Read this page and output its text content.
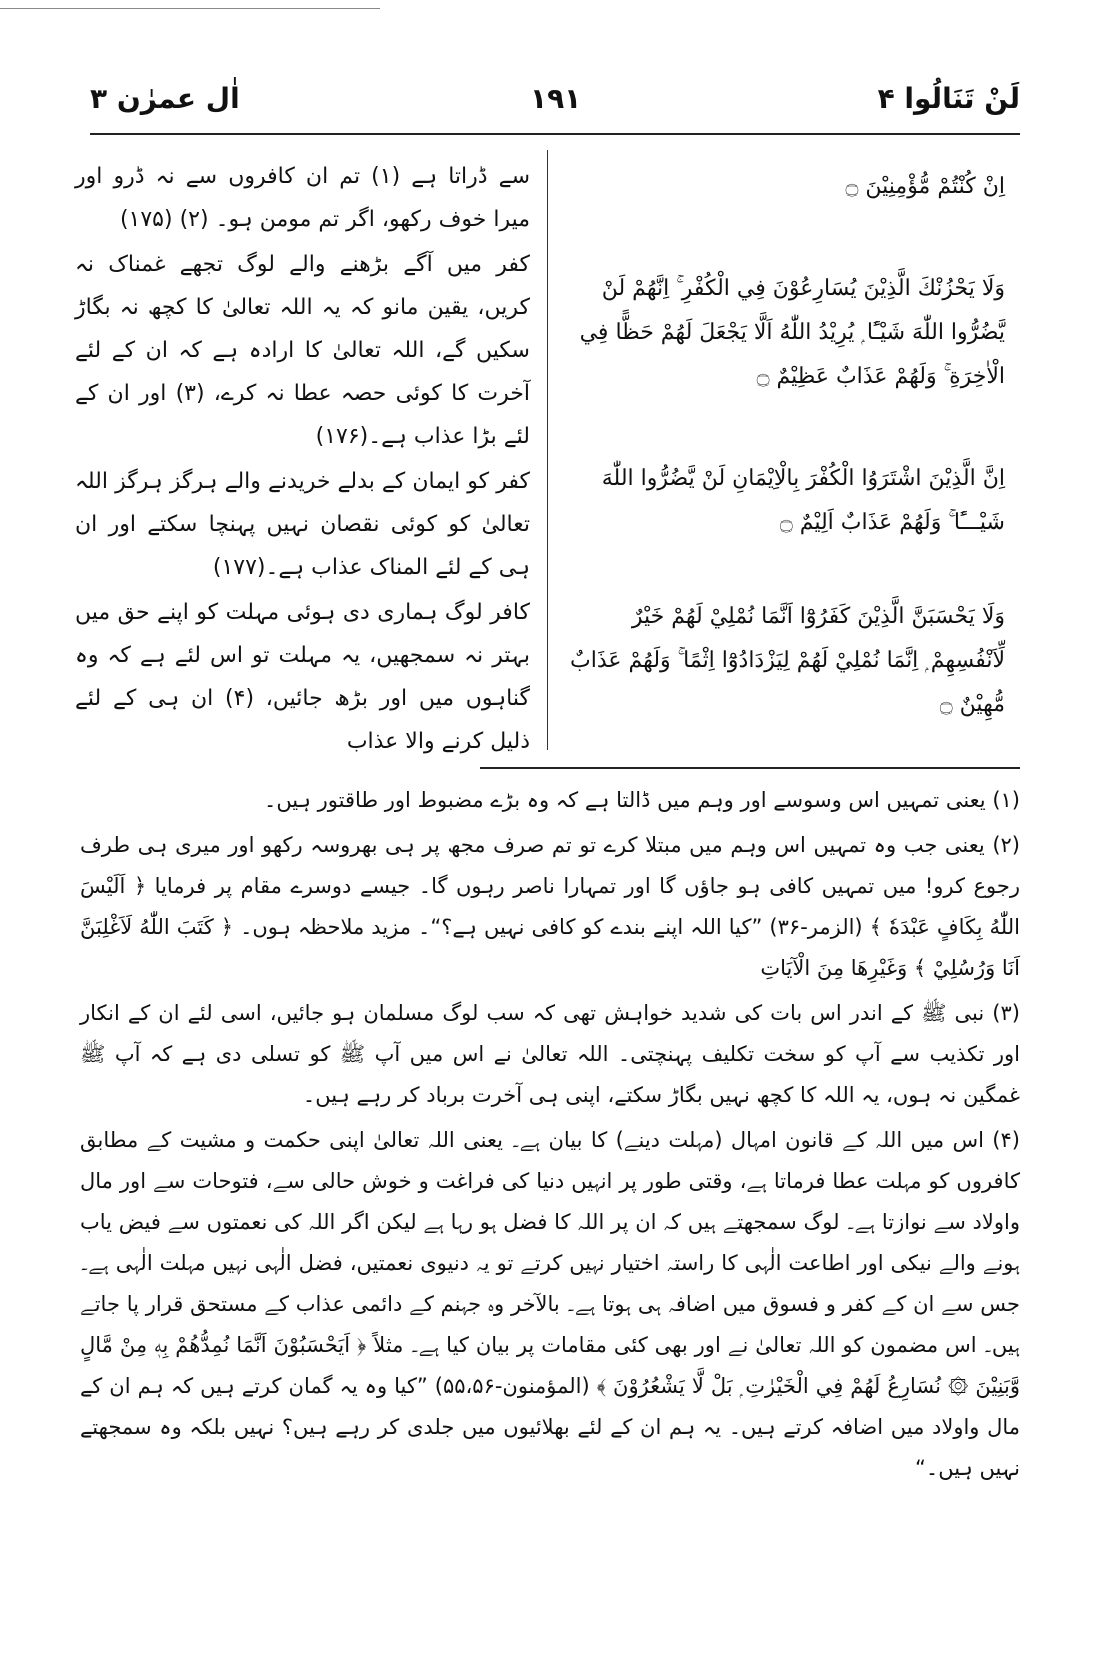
اٰل عمرٰن ۳	۱۹۱	لَنْ تَنَالُوا ۴

اِنْ كُنْتُمْ مُّؤْمِنِيْنَ ۝

وَلَا يَحْزُنْكَ الَّذِيْنَ يُسَارِعُوْنَ فِي الْكُفْرِ ۚ اِنَّهُمْ لَنْ يَّضُرُّوا اللّٰهَ شَيْـًٔا ۭ يُرِيْدُ اللّٰهُ اَلَّا يَجْعَلَ لَھُمْ حَظًّا فِي الْاٰخِرَةِ ۚ وَلَھُمْ عَذَابٌ عَظِيْمٌ ۝

اِنَّ الَّذِيْنَ اشْتَرَوُا الْكُفْرَ بِالْاِيْمَانِ لَنْ يَّضُرُّوا اللّٰهَ شَيْـــًٔا ۚ وَلَھُمْ عَذَابٌ اَلِيْمٌ ۝

وَلَا يَحْسَبَنَّ الَّذِيْنَ كَفَرُوْٓا اَنَّمَا نُمْلِيْ لَھُمْ خَيْرٌ لِّاَنْفُسِھِمْ ۭ اِنَّمَا نُمْلِيْ لَھُمْ لِيَزْدَادُوْٓا اِثْمًا ۚ وَلَھُمْ عَذَابٌ مُّهِيْنٌ ۝

سے ڈراتا ہے (۱) تم ان کافروں سے نہ ڈرو اور میرا خوف رکھو، اگر تم مومن ہو۔ (۲) (۱۷۵)

کفر میں آگے بڑھنے والے لوگ تجھے غمناک نہ کریں، یقین مانو کہ یہ اللہ تعالیٰ کا کچھ نہ بگاڑ سکیں گے، اللہ تعالیٰ کا ارادہ ہے کہ ان کے لئے آخرت کا کوئی حصہ عطا نہ کرے، (۳) اور ان کے لئے بڑا عذاب ہے۔(۱۷۶)

کفر کو ایمان کے بدلے خریدنے والے ہرگز ہرگز اللہ تعالیٰ کو کوئی نقصان نہیں پہنچا سکتے اور ان ہی کے لئے المناک عذاب ہے۔(۱۷۷)

کافر لوگ ہماری دی ہوئی مہلت کو اپنے حق میں بہتر نہ سمجھیں، یہ مہلت تو اس لئے ہے کہ وہ گناہوں میں اور بڑھ جائیں، (۴) ان ہی کے لئے ذلیل کرنے والا عذاب

(۱) یعنی تمہیں اس وسوسے اور وہم میں ڈالتا ہے کہ وہ بڑے مضبوط اور طاقتور ہیں۔

(۲) یعنی جب وہ تمہیں اس وہم میں مبتلا کرے تو تم صرف مجھ پر ہی بھروسہ رکھو اور میری ہی طرف رجوع کرو! میں تمہیں کافی ہو جاؤں گا اور تمہارا ناصر رہوں گا۔ جیسے دوسرے مقام پر فرمایا ﴿ اَلَيْسَ اللّٰهُ بِكَافٍ عَبْدَهٗ ﴾ (الزمر-۳۶) ”کیا اللہ اپنے بندے کو کافی نہیں ہے؟“۔ مزید ملاحظہ ہوں۔ ﴿ كَتَبَ اللّٰهُ لَاَغْلِبَنَّ اَنَا وَرُسُلِيْ ﴾ وَغَيْرِهَا مِنَ الْآيَاتِ

(۳) نبی ﷺ کے اندر اس بات کی شدید خواہش تھی کہ سب لوگ مسلمان ہو جائیں، اسی لئے ان کے انکار اور تکذیب سے آپ کو سخت تکلیف پہنچتی۔ اللہ تعالیٰ نے اس میں آپ ﷺ کو تسلی دی ہے کہ آپ ﷺ غمگین نہ ہوں، یہ اللہ کا کچھ نہیں بگاڑ سکتے، اپنی ہی آخرت برباد کر رہے ہیں۔

(۴) اس میں اللہ کے قانون امہال (مہلت دینے) کا بیان ہے۔ یعنی اللہ تعالیٰ اپنی حکمت و مشیت کے مطابق کافروں کو مہلت عطا فرماتا ہے، وقتی طور پر انہیں دنیا کی فراغت و خوش حالی سے، فتوحات سے اور مال واولاد سے نوازتا ہے۔ لوگ سمجھتے ہیں کہ ان پر اللہ کا فضل ہو رہا ہے لیکن اگر اللہ کی نعمتوں سے فیض یاب ہونے والے نیکی اور اطاعت الٰہی کا راستہ اختیار نہیں کرتے تو یہ دنیوی نعمتیں، فضل الٰہی نہیں مہلت الٰہی ہے۔ جس سے ان کے کفر و فسوق میں اضافہ ہی ہوتا ہے۔ بالآخر وہ جہنم کے دائمی عذاب کے مستحق قرار پا جاتے ہیں۔ اس مضمون کو اللہ تعالیٰ نے اور بھی کئی مقامات پر بیان کیا ہے۔ مثلاً ﴿ اَيَحْسَبُوْنَ اَنَّمَا نُمِدُّهُمْ بِهٖ مِنْ مَّالٍ وَّبَنِيْنَ ۞ نُسَارِعُ لَهُمْ فِي الْخَيْرٰتِ ۭ بَلْ لَّا يَشْعُرُوْنَ ﴾ (المؤمنون-۵۵،۵۶) ”کیا وہ یہ گمان کرتے ہیں کہ ہم ان کے مال واولاد میں اضافہ کرتے ہیں۔ یہ ہم ان کے لئے بھلائیوں میں جلدی کر رہے ہیں؟ نہیں بلکہ وہ سمجھتے نہیں ہیں۔“
